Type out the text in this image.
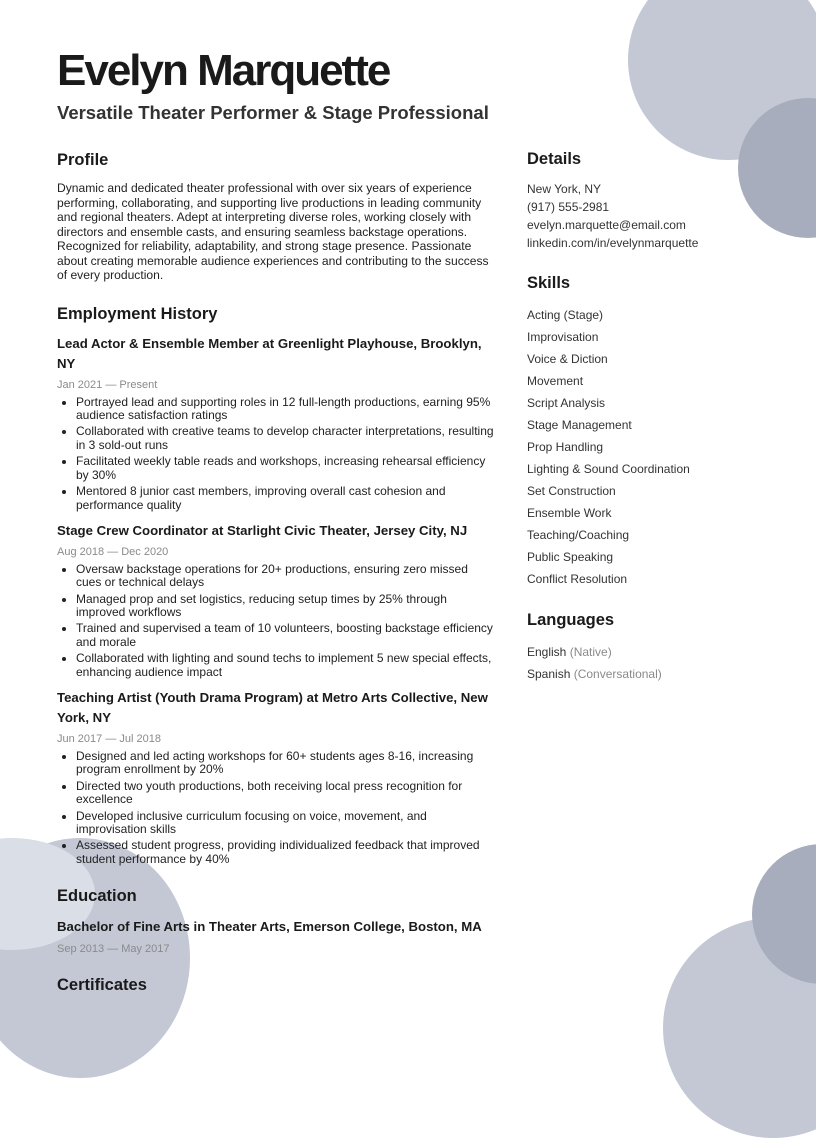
Evelyn Marquette
Versatile Theater Performer & Stage Professional
Profile

Dynamic and dedicated theater professional with over six years of experience performing, collaborating, and supporting live productions in leading community and regional theaters. Adept at interpreting diverse roles, working closely with directors and ensemble casts, and ensuring seamless backstage operations. Recognized for reliability, adaptability, and strong stage presence. Passionate about creating memorable audience experiences and contributing to the success of every production.

Employment History
Lead Actor & Ensemble Member at Greenlight Playhouse, Brooklyn, NY
Jan 2021 — Present
• Portrayed lead and supporting roles in 12 full-length productions, earning 95% audience satisfaction ratings
• Collaborated with creative teams to develop character interpretations, resulting in 3 sold-out runs
• Facilitated weekly table reads and workshops, increasing rehearsal efficiency by 30%
• Mentored 8 junior cast members, improving overall cast cohesion and performance quality
Stage Crew Coordinator at Starlight Civic Theater, Jersey City, NJ
Aug 2018 — Dec 2020
• Oversaw backstage operations for 20+ productions, ensuring zero missed cues or technical delays
• Managed prop and set logistics, reducing setup times by 25% through improved workflows
• Trained and supervised a team of 10 volunteers, boosting backstage efficiency and morale
• Collaborated with lighting and sound techs to implement 5 new special effects, enhancing audience impact
Teaching Artist (Youth Drama Program) at Metro Arts Collective, New York, NY
Jun 2017 — Jul 2018
• Designed and led acting workshops for 60+ students ages 8-16, increasing program enrollment by 20%
• Directed two youth productions, both receiving local press recognition for excellence
• Developed inclusive curriculum focusing on voice, movement, and improvisation skills
• Assessed student progress, providing individualized feedback that improved student performance by 40%
Education
Bachelor of Fine Arts in Theater Arts, Emerson College, Boston, MA
Sep 2013 — May 2017
Certificates
Details
New York, NY
(917) 555-2981
evelyn.marquette@email.com
linkedin.com/in/evelynmarquette
Skills
Acting (Stage)
Improvisation
Voice & Diction
Movement
Script Analysis
Stage Management
Prop Handling
Lighting & Sound Coordination
Set Construction
Ensemble Work
Teaching/Coaching
Public Speaking
Conflict Resolution
Languages
English (Native)
Spanish (Conversational)
